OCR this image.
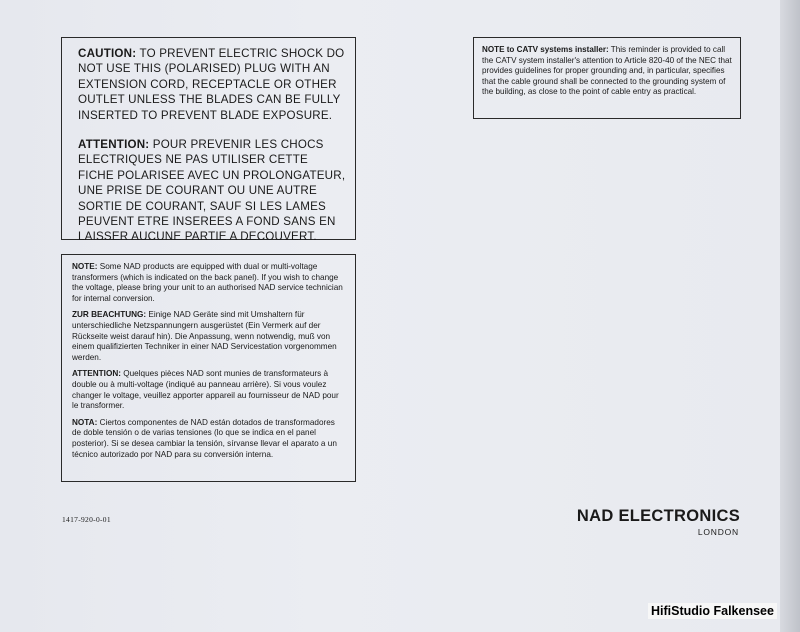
CAUTION: TO PREVENT ELECTRIC SHOCK DO NOT USE THIS (POLARISED) PLUG WITH AN EXTENSION CORD, RECEPTACLE OR OTHER OUTLET UNLESS THE BLADES CAN BE FULLY INSERTED TO PREVENT BLADE EXPOSURE.

ATTENTION: POUR PREVENIR LES CHOCS ELECTRIQUES NE PAS UTILISER CETTE FICHE POLARISEE AVEC UN PROLONGATEUR, UNE PRISE DE COURANT OU UNE AUTRE SORTIE DE COURANT, SAUF SI LES LAMES PEUVENT ETRE INSEREES A FOND SANS EN LAISSER AUCUNE PARTIE A DECOUVERT.

NOTE to CATV systems installer: This reminder is provided to call the CATV system installer's attention to Article 820-40 of the NEC that provides guidelines for proper grounding and, in particular, specifies that the cable ground shall be connected to the grounding system of the building, as close to the point of cable entry as practical.

NOTE: Some NAD products are equipped with dual or multi-voltage transformers (which is indicated on the back panel). If you wish to change the voltage, please bring your unit to an authorised NAD service technician for internal conversion.

ZUR BEACHTUNG: Einige NAD Geräte sind mit Umshaltern für unterschiedliche Netzspannungern ausgerüstet (Ein Vermerk auf der Rückseite weist darauf hin). Die Anpassung, wenn notwendig, muß von einem qualifizierten Techniker in einer NAD Servicestation vorgenommen werden.

ATTENTION: Quelques pièces NAD sont munies de transformateurs à double ou à multi-voltage (indiqué au panneau arrière). Si vous voulez changer le voltage, veuillez apporter appareil au fournisseur de NAD pour le transformer.

NOTA: Ciertos componentes de NAD están dotados de transformadores de doble tensión o de varias tensiones (lo que se indica en el panel posterior). Si se desea cambiar la tensión, sírvanse llevar el aparato a un técnico autorizado por NAD para su conversión interna.

1417-920-0-01	NAD ELECTRONICS
LONDON
HifiStudio Falkensee
